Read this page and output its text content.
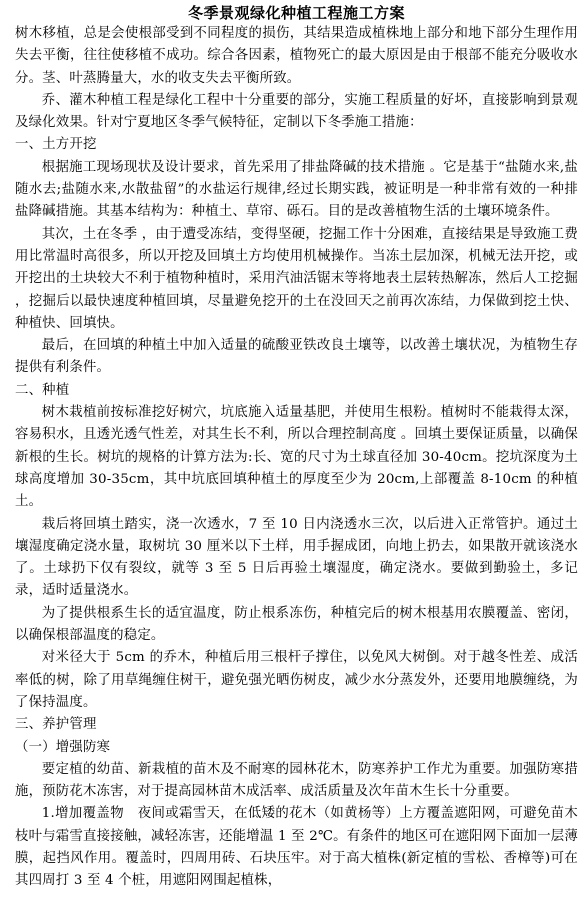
冬季景观绿化种植工程施工方案

树木移植，总是会使根部受到不同程度的损伤，其结果造成植株地上部分和地下部分生理作用失去平衡，往往使移植不成功。综合各因素，植物死亡的最大原因是由于根部不能充分吸收水分。茎、叶蒸腾量大，水的收支失去平衡所致。

乔、灌木种植工程是绿化工程中十分重要的部分，实施工程质量的好坏，直接影响到景观及绿化效果。针对宁夏地区冬季气候特征，定制以下冬季施工措施：

一、土方开挖

根据施工现场现状及设计要求，首先采用了排盐降碱的技术措施 。它是基于“盐随水来,盐随水去;盐随水来,水散盐留”的水盐运行规律,经过长期实践，被证明是一种非常有效的一种排盐降碱措施。其基本结构为：种植土、草帘、砾石。目的是改善植物生活的土壤环境条件。

其次，土在冬季 ，由于遭受冻结，变得坚硬，挖掘工作十分困难，直接结果是导致施工费用比常温时高很多，所以开挖及回填土方均使用机械操作。当冻土层加深，机械无法开挖，或开挖出的土块较大不利于植物种植时，采用汽油活锯末等将地表土层转热解冻，然后人工挖掘 ，挖掘后以最快速度种植回填，尽量避免挖开的土在没回天之前再次冻结，力保做到挖土快、种植快、回填快。

最后，在回填的种植土中加入适量的硫酸亚铁改良土壤等，以改善土壤状况，为植物生存提供有利条件。

二、种植

树木栽植前按标准挖好树穴，坑底施入适量基肥，并使用生根粉。植树时不能栽得太深，容易积水，且透光透气性差，对其生长不利，所以合理控制高度 。回填土要保证质量，以确保新根的生长。树坑的规格的计算方法为:长、宽的尺寸为土球直径加 30-40cm。挖坑深度为土球高度增加 30-35cm，其中坑底回填种植土的厚度至少为 20cm,上部覆盖 8-10cm 的种植土。

栽后将回填土踏实，浇一次透水，7 至 10 日内浇透水三次，以后进入正常管护。通过土壤湿度确定浇水量，取树坑 30 厘米以下土样，用手握成团，向地上扔去，如果散开就该浇水了。土球扔下仅有裂纹，就等 3 至 5 日后再验土壤湿度，确定浇水。要做到勤验土，多记录，适时适量浇水。

为了提供根系生长的适宜温度，防止根系冻伤，种植完后的树木根基用农膜覆盖、密闭，以确保根部温度的稳定。

对米径大于 5cm 的乔木，种植后用三根杆子撑住，以免风大树倒。对于越冬性差、成活率低的树，除了用草绳缠住树干，避免强光晒伤树皮，减少水分蒸发外，还要用地膜缠绕，为了保持温度。

三、养护管理

（一）增强防寒

要定植的幼苗、新栽植的苗木及不耐寒的园林花木，防寒养护工作尤为重要。加强防寒措施，预防花木冻害，对于提高园林苗木成活率、成活质量及次年苗木生长十分重要。

1.增加覆盖物　夜间或霜雪天，在低矮的花木（如黄杨等）上方覆盖遮阳网，可避免苗木枝叶与霜雪直接接触，减轻冻害，还能增温 1 至 2℃。有条件的地区可在遮阳网下面加一层薄膜，起挡风作用。覆盖时，四周用砖、石块压牢。对于高大植株(新定植的雪松、香樟等)可在其四周打 3 至 4 个桩，用遮阳网围起植株，
